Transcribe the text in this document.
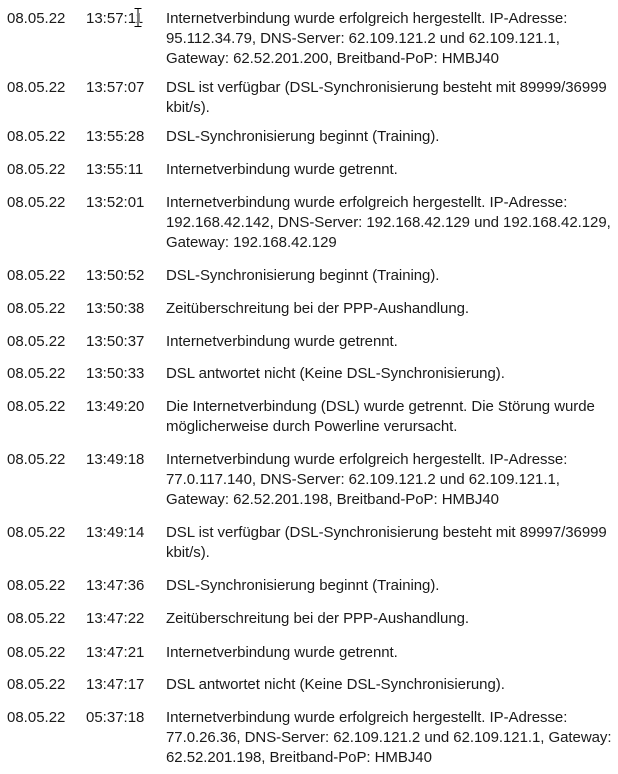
08.05.22 13:57:11 Internetverbindung wurde erfolgreich hergestellt. IP-Adresse: 95.112.34.79, DNS-Server: 62.109.121.2 und 62.109.121.1, Gateway: 62.52.201.200, Breitband-PoP: HMBJ40
08.05.22 13:57:07 DSL ist verfügbar (DSL-Synchronisierung besteht mit 89999/36999 kbit/s).
08.05.22 13:55:28 DSL-Synchronisierung beginnt (Training).
08.05.22 13:55:11 Internetverbindung wurde getrennt.
08.05.22 13:52:01 Internetverbindung wurde erfolgreich hergestellt. IP-Adresse: 192.168.42.142, DNS-Server: 192.168.42.129 und 192.168.42.129, Gateway: 192.168.42.129
08.05.22 13:50:52 DSL-Synchronisierung beginnt (Training).
08.05.22 13:50:38 Zeitüberschreitung bei der PPP-Aushandlung.
08.05.22 13:50:37 Internetverbindung wurde getrennt.
08.05.22 13:50:33 DSL antwortet nicht (Keine DSL-Synchronisierung).
08.05.22 13:49:20 Die Internetverbindung (DSL) wurde getrennt. Die Störung wurde möglicherweise durch Powerline verursacht.
08.05.22 13:49:18 Internetverbindung wurde erfolgreich hergestellt. IP-Adresse: 77.0.117.140, DNS-Server: 62.109.121.2 und 62.109.121.1, Gateway: 62.52.201.198, Breitband-PoP: HMBJ40
08.05.22 13:49:14 DSL ist verfügbar (DSL-Synchronisierung besteht mit 89997/36999 kbit/s).
08.05.22 13:47:36 DSL-Synchronisierung beginnt (Training).
08.05.22 13:47:22 Zeitüberschreitung bei der PPP-Aushandlung.
08.05.22 13:47:21 Internetverbindung wurde getrennt.
08.05.22 13:47:17 DSL antwortet nicht (Keine DSL-Synchronisierung).
08.05.22 05:37:18 Internetverbindung wurde erfolgreich hergestellt. IP-Adresse: 77.0.26.36, DNS-Server: 62.109.121.2 und 62.109.121.1, Gateway: 62.52.201.198, Breitband-PoP: HMBJ40
